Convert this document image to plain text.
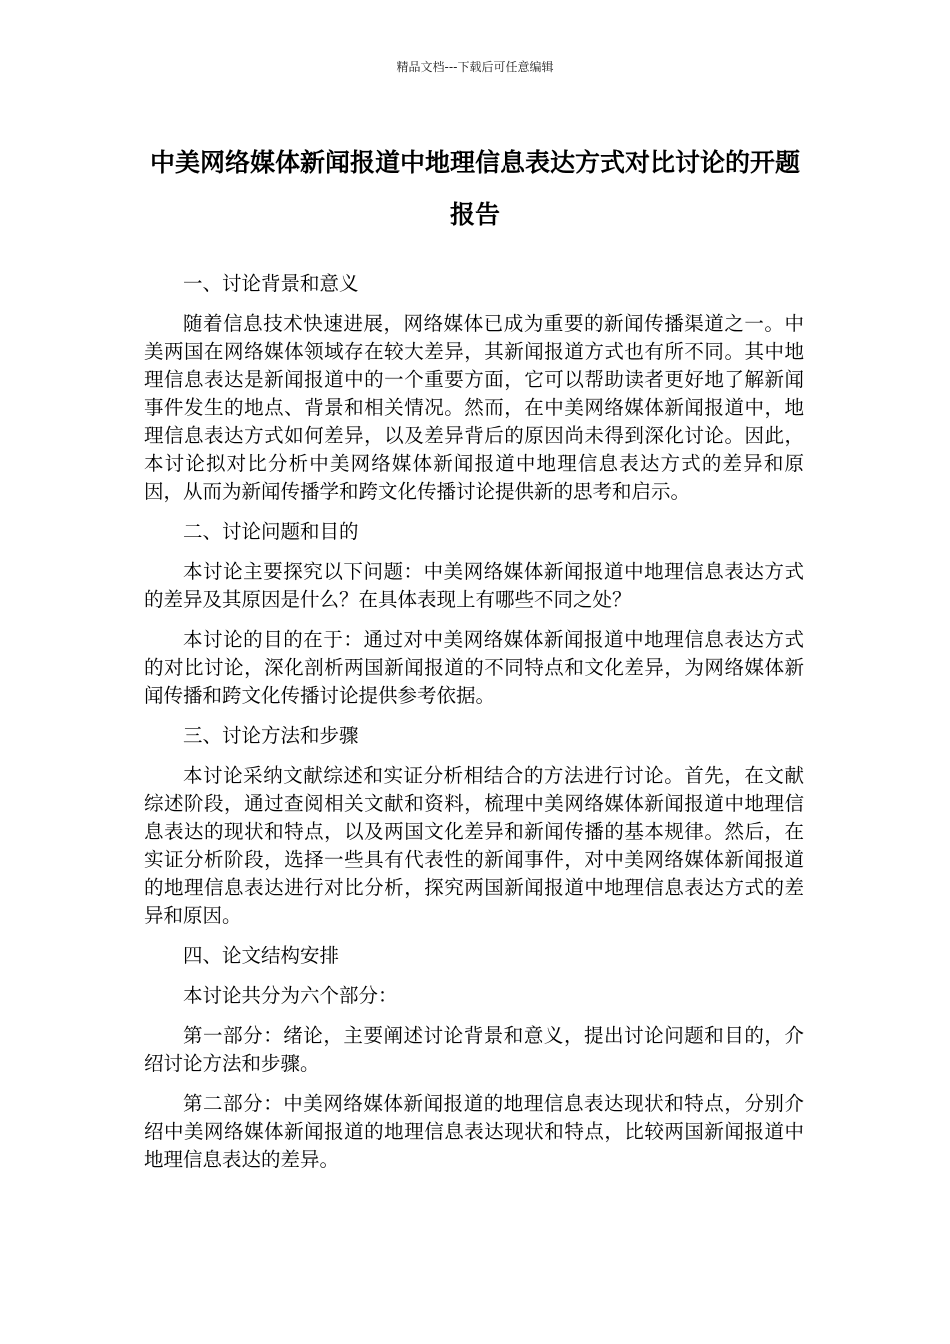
精品文档---下载后可任意编辑
中美网络媒体新闻报道中地理信息表达方式对比讨论的开题报告

一、讨论背景和意义

随着信息技术快速进展，网络媒体已成为重要的新闻传播渠道之一。中美两国在网络媒体领域存在较大差异，其新闻报道方式也有所不同。其中地理信息表达是新闻报道中的一个重要方面，它可以帮助读者更好地了解新闻事件发生的地点、背景和相关情况。然而，在中美网络媒体新闻报道中，地理信息表达方式如何差异，以及差异背后的原因尚未得到深化讨论。因此，本讨论拟对比分析中美网络媒体新闻报道中地理信息表达方式的差异和原因，从而为新闻传播学和跨文化传播讨论提供新的思考和启示。

二、讨论问题和目的

本讨论主要探究以下问题：中美网络媒体新闻报道中地理信息表达方式的差异及其原因是什么？在具体表现上有哪些不同之处？

本讨论的目的在于：通过对中美网络媒体新闻报道中地理信息表达方式的对比讨论，深化剖析两国新闻报道的不同特点和文化差异，为网络媒体新闻传播和跨文化传播讨论提供参考依据。

三、讨论方法和步骤

本讨论采纳文献综述和实证分析相结合的方法进行讨论。首先，在文献综述阶段，通过查阅相关文献和资料，梳理中美网络媒体新闻报道中地理信息表达的现状和特点，以及两国文化差异和新闻传播的基本规律。然后，在实证分析阶段，选择一些具有代表性的新闻事件，对中美网络媒体新闻报道的地理信息表达进行对比分析，探究两国新闻报道中地理信息表达方式的差异和原因。

四、论文结构安排

本讨论共分为六个部分：

第一部分：绪论，主要阐述讨论背景和意义，提出讨论问题和目的，介绍讨论方法和步骤。

第二部分：中美网络媒体新闻报道的地理信息表达现状和特点，分别介绍中美网络媒体新闻报道的地理信息表达现状和特点，比较两国新闻报道中地理信息表达的差异。
